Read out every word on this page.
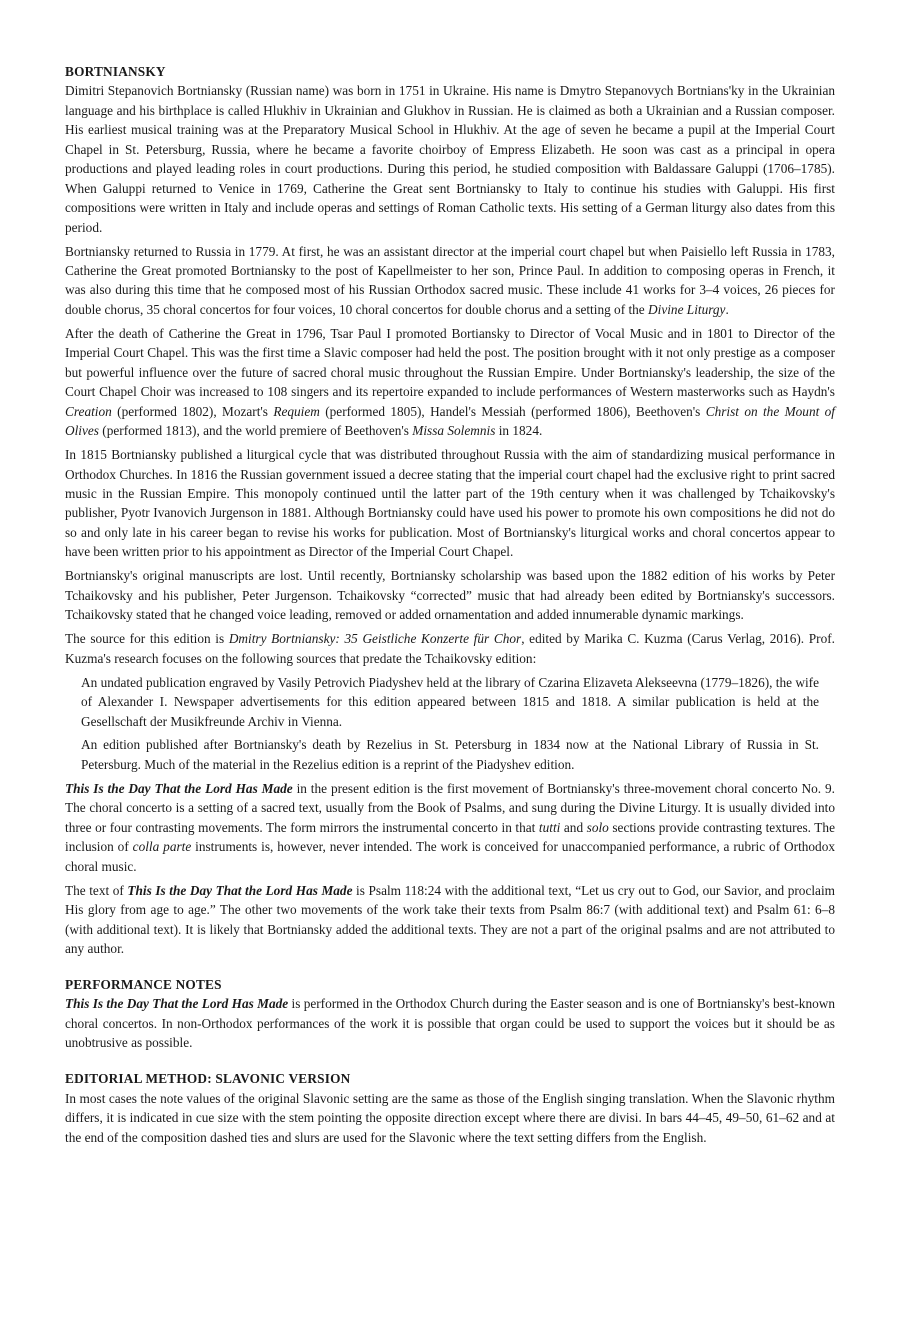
BORTNIANSKY

Dimitri Stepanovich Bortniansky (Russian name) was born in 1751 in Ukraine. His name is Dmytro Stepanovych Bortnians'ky in the Ukrainian language and his birthplace is called Hlukhiv in Ukrainian and Glukhov in Russian. He is claimed as both a Ukrainian and a Russian composer. His earliest musical training was at the Preparatory Musical School in Hlukhiv. At the age of seven he became a pupil at the Imperial Court Chapel in St. Petersburg, Russia, where he became a favorite choirboy of Empress Elizabeth. He soon was cast as a principal in opera productions and played leading roles in court productions. During this period, he studied composition with Baldassare Galuppi (1706–1785). When Galuppi returned to Venice in 1769, Catherine the Great sent Bortniansky to Italy to continue his studies with Galuppi. His first compositions were written in Italy and include operas and settings of Roman Catholic texts. His setting of a German liturgy also dates from this period.

Bortniansky returned to Russia in 1779. At first, he was an assistant director at the imperial court chapel but when Paisiello left Russia in 1783, Catherine the Great promoted Bortniansky to the post of Kapellmeister to her son, Prince Paul. In addition to composing operas in French, it was also during this time that he composed most of his Russian Orthodox sacred music. These include 41 works for 3–4 voices, 26 pieces for double chorus, 35 choral concertos for four voices, 10 choral concertos for double chorus and a setting of the Divine Liturgy.

After the death of Catherine the Great in 1796, Tsar Paul I promoted Bortiansky to Director of Vocal Music and in 1801 to Director of the Imperial Court Chapel. This was the first time a Slavic composer had held the post. The position brought with it not only prestige as a composer but powerful influence over the future of sacred choral music throughout the Russian Empire. Under Bortniansky's leadership, the size of the Court Chapel Choir was increased to 108 singers and its repertoire expanded to include performances of Western masterworks such as Haydn's Creation (performed 1802), Mozart's Requiem (performed 1805), Handel's Messiah (performed 1806), Beethoven's Christ on the Mount of Olives (performed 1813), and the world premiere of Beethoven's Missa Solemnis in 1824.

In 1815 Bortniansky published a liturgical cycle that was distributed throughout Russia with the aim of standardizing musical performance in Orthodox Churches. In 1816 the Russian government issued a decree stating that the imperial court chapel had the exclusive right to print sacred music in the Russian Empire. This monopoly continued until the latter part of the 19th century when it was challenged by Tchaikovsky's publisher, Pyotr Ivanovich Jurgenson in 1881. Although Bortniansky could have used his power to promote his own compositions he did not do so and only late in his career began to revise his works for publication. Most of Bortniansky's liturgical works and choral concertos appear to have been written prior to his appointment as Director of the Imperial Court Chapel.

Bortniansky's original manuscripts are lost. Until recently, Bortniansky scholarship was based upon the 1882 edition of his works by Peter Tchaikovsky and his publisher, Peter Jurgenson. Tchaikovsky “corrected” music that had already been edited by Bortniansky's successors. Tchaikovsky stated that he changed voice leading, removed or added ornamentation and added innumerable dynamic markings.

The source for this edition is Dmitry Bortniansky: 35 Geistliche Konzerte für Chor, edited by Marika C. Kuzma (Carus Verlag, 2016). Prof. Kuzma's research focuses on the following sources that predate the Tchaikovsky edition:

An undated publication engraved by Vasily Petrovich Piadyshev held at the library of Czarina Elizaveta Alekseevna (1779–1826), the wife of Alexander I. Newspaper advertisements for this edition appeared between 1815 and 1818. A similar publication is held at the Gesellschaft der Musikfreunde Archiv in Vienna.

An edition published after Bortniansky's death by Rezelius in St. Petersburg in 1834 now at the National Library of Russia in St. Petersburg. Much of the material in the Rezelius edition is a reprint of the Piadyshev edition.

This Is the Day That the Lord Has Made in the present edition is the first movement of Bortniansky's three-movement choral concerto No. 9. The choral concerto is a setting of a sacred text, usually from the Book of Psalms, and sung during the Divine Liturgy. It is usually divided into three or four contrasting movements. The form mirrors the instrumental concerto in that tutti and solo sections provide contrasting textures. The inclusion of colla parte instruments is, however, never intended. The work is conceived for unaccompanied performance, a rubric of Orthodox choral music.

The text of This Is the Day That the Lord Has Made is Psalm 118:24 with the additional text, “Let us cry out to God, our Savior, and proclaim His glory from age to age.” The other two movements of the work take their texts from Psalm 86:7 (with additional text) and Psalm 61: 6–8 (with additional text). It is likely that Bortniansky added the additional texts. They are not a part of the original psalms and are not attributed to any author.

PERFORMANCE NOTES

This Is the Day That the Lord Has Made is performed in the Orthodox Church during the Easter season and is one of Bortniansky's best-known choral concertos. In non-Orthodox performances of the work it is possible that organ could be used to support the voices but it should be as unobtrusive as possible.

EDITORIAL METHOD: SLAVONIC VERSION

In most cases the note values of the original Slavonic setting are the same as those of the English singing translation. When the Slavonic rhythm differs, it is indicated in cue size with the stem pointing the opposite direction except where there are divisi. In bars 44–45, 49–50, 61–62 and at the end of the composition dashed ties and slurs are used for the Slavonic where the text setting differs from the English.
